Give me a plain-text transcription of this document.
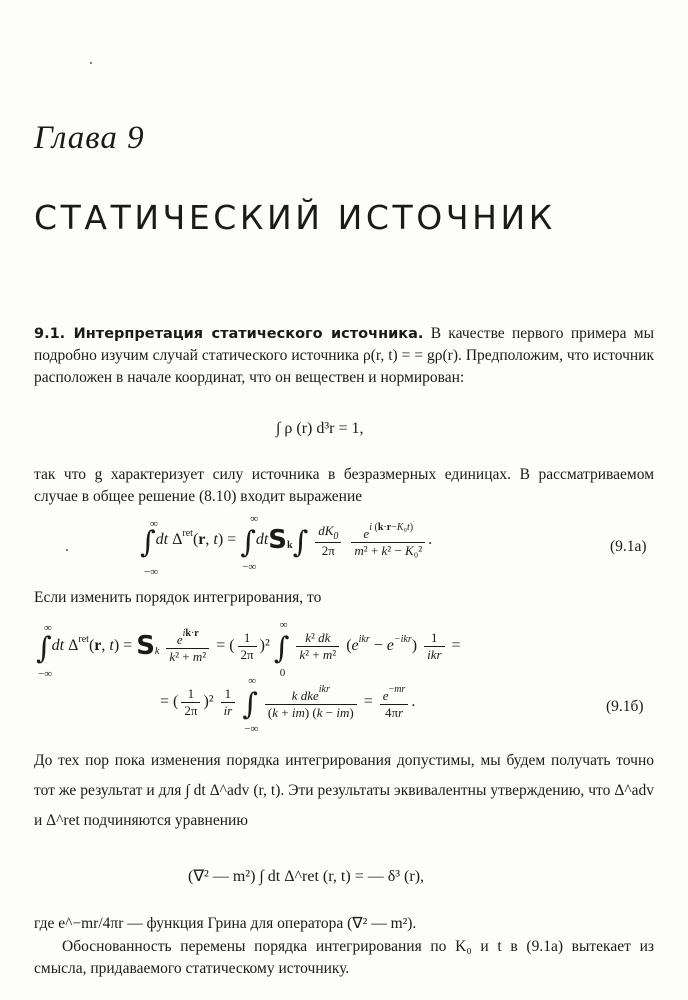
Глава 9
СТАТИЧЕСКИЙ ИСТОЧНИК
9.1. Интерпретация статического источника. В качестве первого примера мы подробно изучим случай статического источника ρ(r, t) = = gρ(r). Предположим, что источник расположен в начале координат, что он веществен и нормирован:
∫ ρ (r) d³r = 1,
так что g характеризует силу источника в безразмерных единицах. В рассматриваемом случае в общее решение (8.10) входит выражение
∞
−∞
∫dt $\Delta^{ret}(r$, t) =
∞
−∞
$\int dtS_k\int \frac{dK_0}{2\pi}$
$\frac{e^{i (k\cdot r-K_0t)}}{\text{m² + k² − K₀²}}$ .	(9.1a)
Если изменить порядок интегрирования, то
∞
−∞
∫dt $\Delta^{ret}(r$, $t) = S_k \frac{e^{ik\cdot r}}{\text{k² + m²}}$ = ( $\frac{1}{2\pi} )^2$
∞
0
∫ $\frac{\text{k² dk}}{\text{k² + m²}} (e^{ikr} - e^{-ikr}) \frac{1}{\text{ikr}}$ =
= ( $\frac{1}{2\pi} )^2 \frac{1}{ir}$

∞
−∞
∫ $\frac{k dke^{ikr}}{(k + im) (k - im)} = \frac{e^{-mr}}{4\pi r}$ .	(9.1б)
До тех пор пока изменения порядка интегрирования допустимы, мы будем получать точно тот же результат и для ∫ dt Δ^adv (r, t). Эти результаты эквивалентны утверждению, что Δ^adv и Δ^ret подчиняются уравнению
(∇² — m²) ∫ dt Δ^ret (r, t) = — δ³ (r),
где e^−mr/4πr — функция Грина для оператора (∇² — m²).
Обоснованность перемены порядка интегрирования по K₀ и t в (9.1a) вытекает из смысла, придаваемого статическому источнику.
